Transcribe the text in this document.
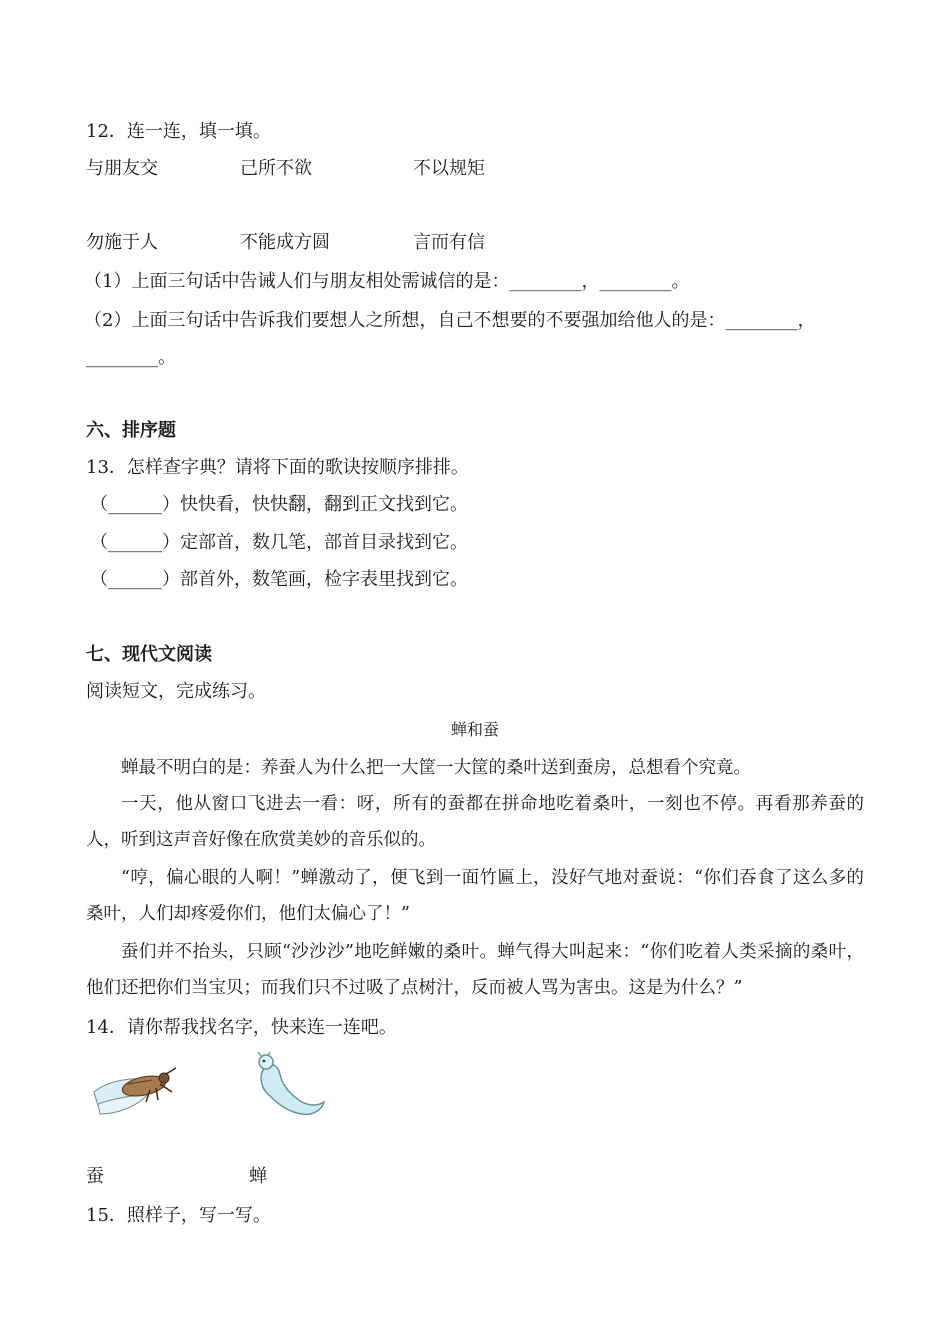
12．连一连，填一填。
与朋友交	己所不欲	不以规矩
勿施于人	不能成方圆	言而有信
（1）上面三句话中告诫人们与朋友相处需诚信的是：________，________。
（2）上面三句话中告诉我们要想人之所想，自己不想要的不要强加给他人的是：________，
________。
六、排序题
13．怎样查字典？请将下面的歌诀按顺序排排。
（______）快快看，快快翻，翻到正文找到它。
（______）定部首，数几笔，部首目录找到它。
（______）部首外，数笔画，检字表里找到它。
七、现代文阅读
阅读短文，完成练习。
蝉和蚕
蝉最不明白的是：养蚕人为什么把一大筐一大筐的桑叶送到蚕房，总想看个究竟。
一天，他从窗口飞进去一看：呀，所有的蚕都在拼命地吃着桑叶，一刻也不停。再看那养蚕的人，听到这声音好像在欣赏美妙的音乐似的。
“哼，偏心眼的人啊！”蝉激动了，便飞到一面竹匾上，没好气地对蚕说：“你们吞食了这么多的桑叶，人们却疼爱你们，他们太偏心了！”
蚕们并不抬头，只顾“沙沙沙”地吃鲜嫩的桑叶。蝉气得大叫起来：“你们吃着人类采摘的桑叶，他们还把你们当宝贝；而我们只不过吸了点树汁，反而被人骂为害虫。这是为什么？”
14．请你帮我找名字，快来连一连吧。
蚕	蝉
15．照样子，写一写。
